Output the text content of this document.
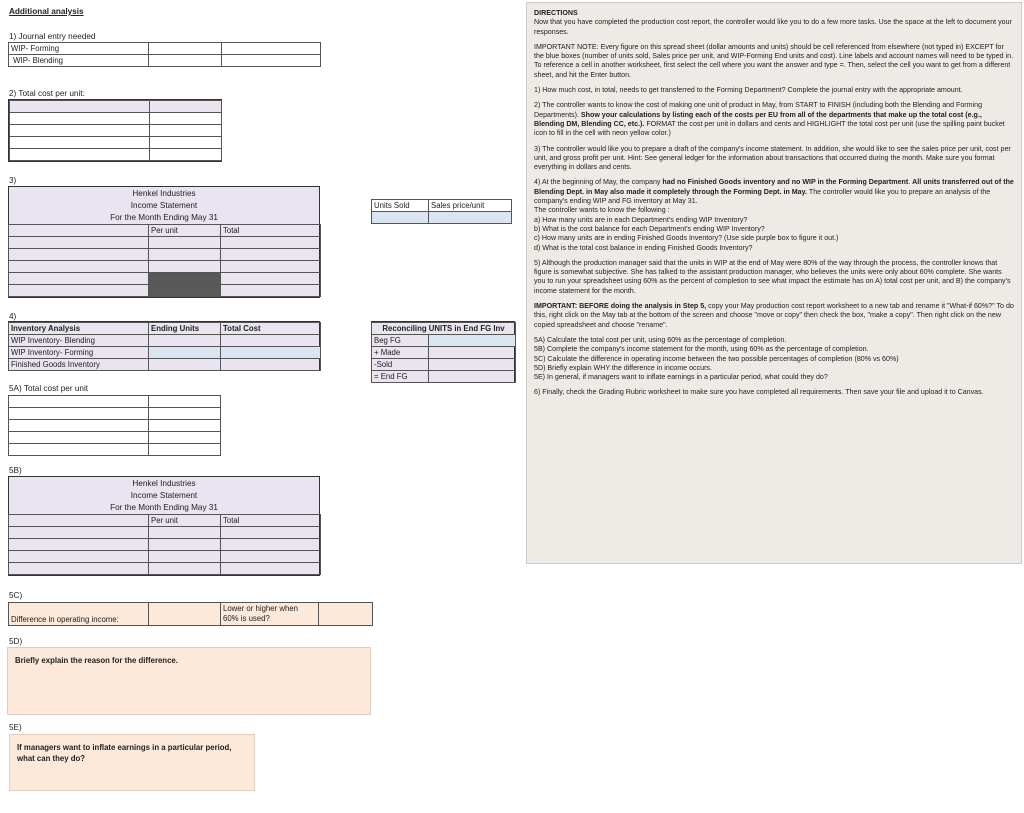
Additional analysis
1) Journal entry needed
WIP- Forming		
WIP- Blending		
2) Total cost per unit:

3)
Henkel Industries
Income Statement
For the Month Ending May 31
	Per unit	Total

Units Sold	Sales price/unit

4)
Inventory Analysis	Ending Units	Total Cost
WIP Inventory- Blending		
WIP Inventory- Forming		
Finished Goods Inventory		
Reconciling UNITS in End FG Inv	
Beg FG	
+ Made	
-Sold	
= End FG	
5A) Total cost per unit

5B)
Henkel Industries
Income Statement
For the Month Ending May 31
	Per unit	Total

5C)
Difference in operating income:		
Lower or higher when
60% is used?

5D)
Briefly explain the reason for the difference.
5E)
If managers want to inflate earnings in a particular period, what can they do?

DIRECTIONS

Now that you have completed the production cost report, the controller would like you to do a few more tasks. Use the space at the left to document your responses.

IMPORTANT NOTE: Every figure on this spread sheet (dollar amounts and units) should be cell referenced from elsewhere (not typed in) EXCEPT for the blue boxes (number of units sold, Sales price per unit, and WIP-Forming End units and cost). Line labels and account names will need to be typed in. To reference a cell in another worksheet, first select the cell where you want the answer and type =. Then, select the cell you want to get from a different sheet, and hit the Enter button.

1) How much cost, in total, needs to get transferred to the Forming Department? Complete the journal entry with the appropriate amount.

2) The controller wants to know the cost of making one unit of product in May, from START to FINISH (including both the Blending and Forming Departments). Show your calculations by listing each of the costs per EU from all of the departments that make up the total cost (e.g., Blending DM, Blending CC, etc.). FORMAT the cost per unit in dollars and cents and HIGHLIGHT the total cost per unit (use the spilling paint bucket icon to fill in the cell with neon yellow color.)

3) The controller would like you to prepare a draft of the company's income statement. In addition, she would like to see the sales price per unit, cost per unit, and gross profit per unit. Hint: See general ledger for the information about transactions that occurred during the month. Make sure you format everything in dollars and cents.

4) At the beginning of May, the company had no Finished Goods inventory and no WIP in the Forming Department. All units transferred out of the Blending Dept. in May also made it completely through the Forming Dept. in May. The controller would like you to prepare an analysis of the company's ending WIP and FG inventory at May 31.
The controller wants to know the following :
a) How many units are in each Department's ending WIP Inventory?
b) What is the cost balance for each Department's ending WIP Inventory?
c) How many units are in ending Finished Goods Inventory? (Use side purple box to figure it out.)
d) What is the total cost balance in ending Finished Goods Inventory?

5) Although the production manager said that the units in WIP at the end of May were 80% of the way through the process, the controller knows that figure is somewhat subjective. She has talked to the assistant production manager, who believes the units were only about 60% complete. She wants you to run your spreadsheet using 60% as the percent of completion to see what impact the estimate has on A) total cost per unit, and B) the company's income statement for the month.

IMPORTANT: BEFORE doing the analysis in Step 5, copy your May production cost report worksheet to a new tab and rename it "What-if 60%?" To do this, right click on the May tab at the bottom of the screen and choose "move or copy" then check the box, "make a copy". Then right click on the new copied spreadsheet and choose "rename".

5A) Calculate the total cost per unit, using 60% as the percentage of completion.
5B) Complete the company's income statement for the month, using 60% as the percentage of completion.
5C) Calculate the difference in operating income between the two possible percentages of completion (80% vs 60%)
5D) Briefly explain WHY the difference in income occurs.
5E) In general, if managers want to inflate earnings in a particular period, what could they do?

6) Finally, check the Grading Rubric worksheet to make sure you have completed all requirements. Then save your file and upload it to Canvas.
